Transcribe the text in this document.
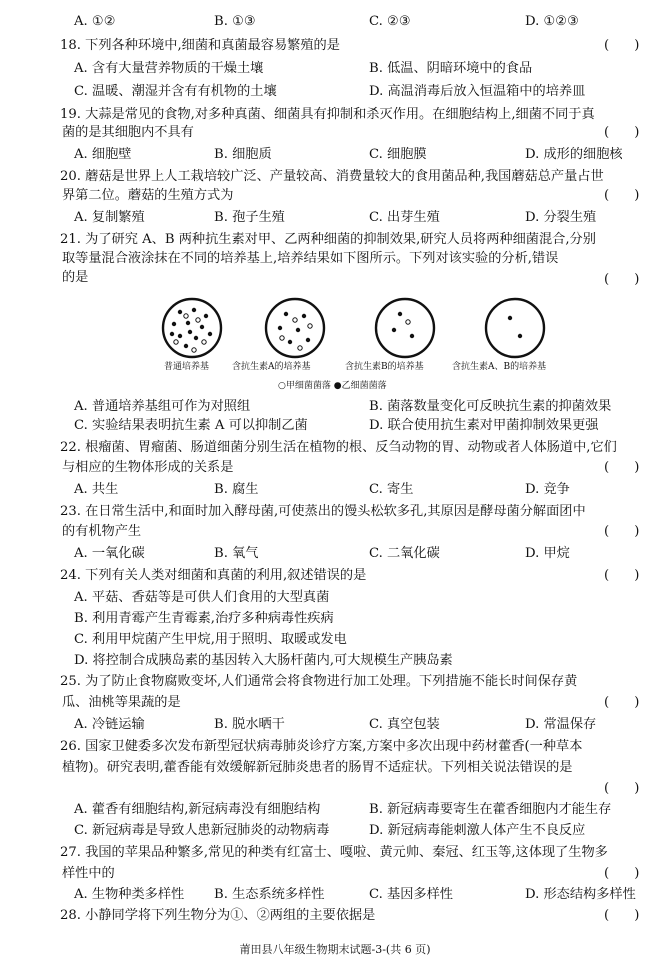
A. ①②	B. ①③	C. ②③	D. ①②③
18. 下列各种环境中,细菌和真菌最容易繁殖的是	(      )
A. 含有大量营养物质的干燥土壤	B. 低温、阴暗环境中的食品
C. 温暖、潮湿并含有有机物的土壤	D. 高温消毒后放入恒温箱中的培养皿
19. 大蒜是常见的食物,对多种真菌、细菌具有抑制和杀灭作用。在细胞结构上,细菌不同于真
菌的是其细胞内不具有	(      )
A. 细胞壁	B. 细胞质	C. 细胞膜	D. 成形的细胞核
20. 蘑菇是世界上人工栽培较广泛、产量较高、消费量较大的食用菌品种,我国蘑菇总产量占世
界第二位。蘑菇的生殖方式为	(      )
A. 复制繁殖	B. 孢子生殖	C. 出芽生殖	D. 分裂生殖
21. 为了研究 A、B 两种抗生素对甲、乙两种细菌的抑制效果,研究人员将两种细菌混合,分别
取等量混合液涂抹在不同的培养基上,培养结果如下图所示。下列对该实验的分析,错误
的是	(      )
普通培养基	含抗生素A的培养基	含抗生素B的培养基	含抗生素A、B的培养基
○甲细菌菌落 ●乙细菌菌落
A. 普通培养基组可作为对照组	B. 菌落数量变化可反映抗生素的抑菌效果
C. 实验结果表明抗生素 A 可以抑制乙菌	D. 联合使用抗生素对甲菌抑制效果更强
22. 根瘤菌、胃瘤菌、肠道细菌分别生活在植物的根、反刍动物的胃、动物或者人体肠道中,它们
与相应的生物体形成的关系是	(      )
A. 共生	B. 腐生	C. 寄生	D. 竞争
23. 在日常生活中,和面时加入酵母菌,可使蒸出的馒头松软多孔,其原因是酵母菌分解面团中
的有机物产生	(      )
A. 一氧化碳	B. 氧气	C. 二氧化碳	D. 甲烷
24. 下列有关人类对细菌和真菌的利用,叙述错误的是	(      )
A. 平菇、香菇等是可供人们食用的大型真菌
B. 利用青霉产生青霉素,治疗多种病毒性疾病
C. 利用甲烷菌产生甲烷,用于照明、取暖或发电
D. 将控制合成胰岛素的基因转入大肠杆菌内,可大规模生产胰岛素
25. 为了防止食物腐败变坏,人们通常会将食物进行加工处理。下列措施不能长时间保存黄
瓜、油桃等果蔬的是	(      )
A. 冷链运输	B. 脱水晒干	C. 真空包装	D. 常温保存
26. 国家卫健委多次发布新型冠状病毒肺炎诊疗方案,方案中多次出现中药材藿香(一种草本
植物)。研究表明,藿香能有效缓解新冠肺炎患者的肠胃不适症状。下列相关说法错误的是
(      )
A. 藿香有细胞结构,新冠病毒没有细胞结构	B. 新冠病毒要寄生在藿香细胞内才能生存
C. 新冠病毒是导致人患新冠肺炎的动物病毒	D. 新冠病毒能刺激人体产生不良反应
27. 我国的苹果品种繁多,常见的种类有红富士、嘎啦、黄元帅、秦冠、红玉等,这体现了生物多
样性中的	(      )
A. 生物种类多样性 B. 生态系统多样性	C. 基因多样性	D. 形态结构多样性
28. 小静同学将下列生物分为①、②两组的主要依据是	(      )
莆田县八年级生物期末试题-3-(共 6 页)
